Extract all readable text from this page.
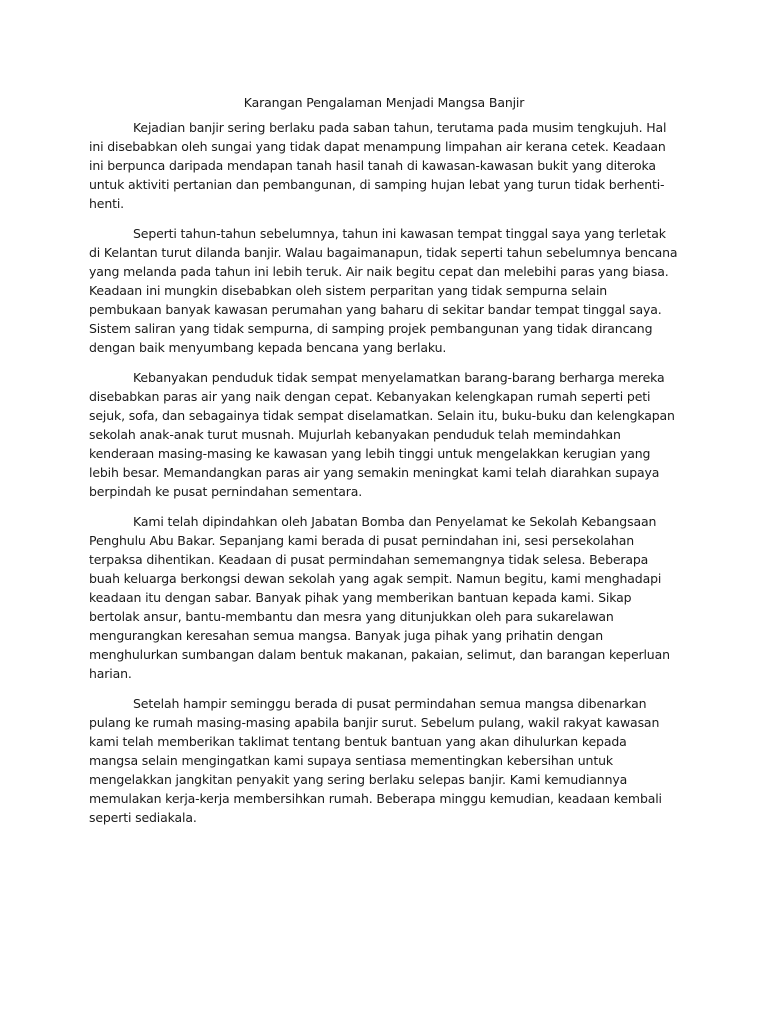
Karangan Pengalaman Menjadi Mangsa Banjir

Kejadian banjir sering berlaku pada saban tahun, terutama pada musim tengkujuh. Hal ini disebabkan oleh sungai yang tidak dapat menampung limpahan air kerana cetek. Keadaan ini berpunca daripada mendapan tanah hasil tanah di kawasan-kawasan bukit yang diteroka untuk aktiviti pertanian dan pembangunan, di samping hujan lebat yang turun tidak berhenti-henti.

Seperti tahun-tahun sebelumnya, tahun ini kawasan tempat tinggal saya yang terletak di Kelantan turut dilanda banjir. Walau bagaimanapun, tidak seperti tahun sebelumnya bencana yang melanda pada tahun ini lebih teruk. Air naik begitu cepat dan melebihi paras yang biasa. Keadaan ini mungkin disebabkan oleh sistem perparitan yang tidak sempurna selain pembukaan banyak kawasan perumahan yang baharu di sekitar bandar tempat tinggal saya. Sistem saliran yang tidak sempurna, di samping projek pembangunan yang tidak dirancang dengan baik menyumbang kepada bencana yang berlaku.

Kebanyakan penduduk tidak sempat menyelamatkan barang-barang berharga mereka disebabkan paras air yang naik dengan cepat. Kebanyakan kelengkapan rumah seperti peti sejuk, sofa, dan sebagainya tidak sempat diselamatkan. Selain itu, buku-buku dan kelengkapan sekolah anak-anak turut musnah. Mujurlah kebanyakan penduduk telah memindahkan kenderaan masing-masing ke kawasan yang lebih tinggi untuk mengelakkan kerugian yang lebih besar. Memandangkan paras air yang semakin meningkat kami telah diarahkan supaya berpindah ke pusat pernindahan sementara.

Kami telah dipindahkan oleh Jabatan Bomba dan Penyelamat ke Sekolah Kebangsaan Penghulu Abu Bakar. Sepanjang kami berada di pusat pernindahan ini, sesi persekolahan terpaksa dihentikan. Keadaan di pusat permindahan sememangnya tidak selesa. Beberapa buah keluarga berkongsi dewan sekolah yang agak sempit. Namun begitu, kami menghadapi keadaan itu dengan sabar. Banyak pihak yang memberikan bantuan kepada kami. Sikap bertolak ansur, bantu-membantu dan mesra yang ditunjukkan oleh para sukarelawan mengurangkan keresahan semua mangsa. Banyak juga pihak yang prihatin dengan menghulurkan sumbangan dalam bentuk makanan, pakaian, selimut, dan barangan keperluan harian.

Setelah hampir seminggu berada di pusat permindahan semua mangsa dibenarkan pulang ke rumah masing-masing apabila banjir surut. Sebelum pulang, wakil rakyat kawasan kami telah memberikan taklimat tentang bentuk bantuan yang akan dihulurkan kepada mangsa selain mengingatkan kami supaya sentiasa mementingkan kebersihan untuk mengelakkan jangkitan penyakit yang sering berlaku selepas banjir. Kami kemudiannya memulakan kerja-kerja membersihkan rumah. Beberapa minggu kemudian, keadaan kembali seperti sediakala.
